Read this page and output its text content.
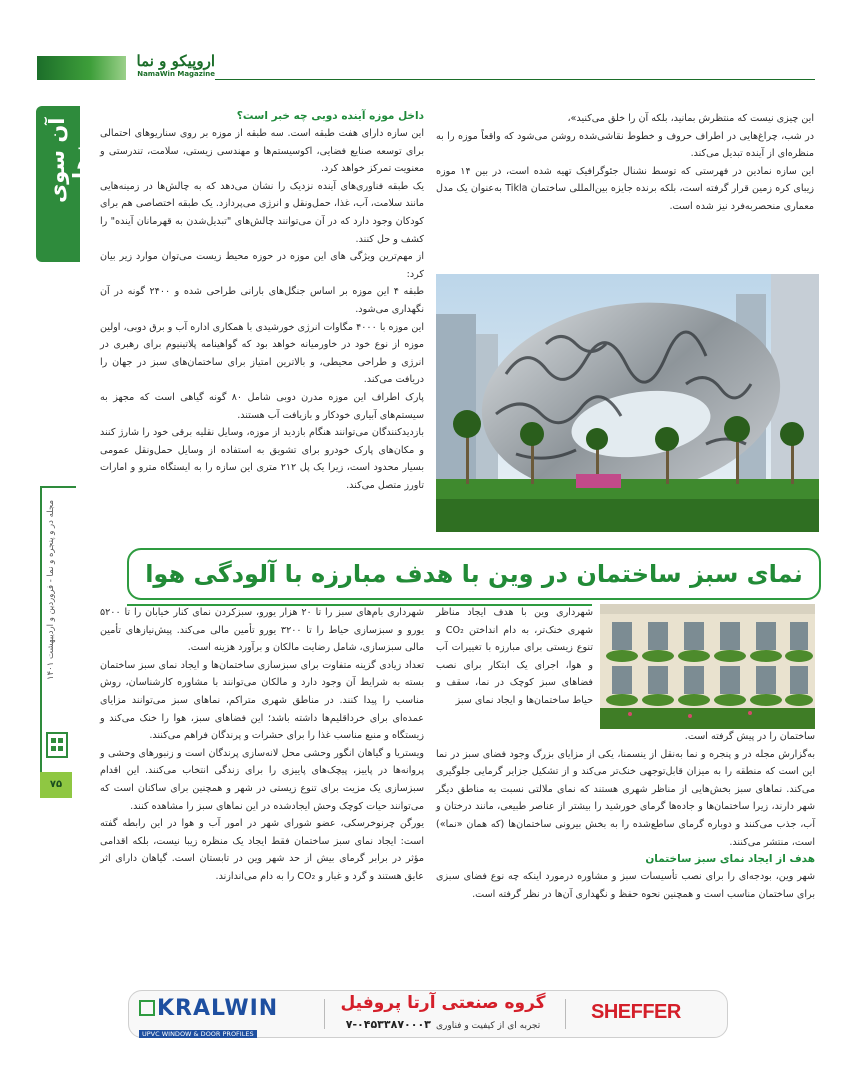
اروپیکو و نما
NamaWin Magazine
آن سوی مرزها
مجله در و پنجره و نما - فروردین و اردیبهشت ۱۴۰۱
۷۵

این چیزی نیست که منتظرش بمانید، بلکه آن را خلق می‌کنید»،

در شب، چراغ‌هایی در اطراف حروف و خطوط نقاشی‌شده روشن می‌شود که واقعاً موزه را به منظره‌ای از آینده تبدیل می‌کند.

این سازه نمادین در فهرستی که توسط نشنال جئوگرافیک تهیه شده است، در بین ۱۴ موزه زیبای کره زمین قرار گرفته است، بلکه برنده جایزه بین‌المللی ساختمان Tikla به‌عنوان یک مدل معماری منحصربه‌فرد نیز شده است.

داخل موزه آینده دوبی چه خبر است؟

این سازه دارای هفت طبقه است. سه طبقه از موزه بر روی سناریوهای احتمالی برای توسعه صنایع فضایی، اکوسیستم‌ها و مهندسی زیستی، سلامت، تندرستی و معنویت تمرکز خواهد کرد.

یک طبقه فناوری‌های آینده نزدیک را نشان می‌دهد که به چالش‌ها در زمینه‌هایی مانند سلامت، آب، غذا، حمل‌ونقل و انرژی می‌پردازد. یک طبقه اختصاصی هم برای کودکان وجود دارد که در آن می‌توانند چالش‌های "تبدیل‌شدن به قهرمانان آینده" را کشف و حل کنند.

از مهم‌ترین ویژگی های این موزه در حوزه محیط زیست می‌توان موارد زیر بیان کرد:

طبقه ۴ این موزه بر اساس جنگل‌های بارانی طراحی شده و ۲۴۰۰ گونه در آن نگهداری می‌شود.

این موزه با ۴۰۰۰ مگاوات انرژی خورشیدی با همکاری اداره آب و برق دوبی، اولین موزه از نوع خود در خاورمیانه خواهد بود که گواهینامه پلاتینیوم برای رهبری در انرژی و طراحی محیطی، و بالاترین امتیاز برای ساختمان‌های سبز در جهان را دریافت می‌کند.

پارک اطراف این موزه مدرن دوبی شامل ۸۰ گونه گیاهی است که مجهز به سیستم‌های آبیاری خودکار و بازیافت آب هستند.

بازدیدکنندگان می‌توانند هنگام بازدید از موزه، وسایل نقلیه برقی خود را شارژ کنند و مکان‌های پارک خودرو برای تشویق به استفاده از وسایل حمل‌ونقل عمومی بسیار محدود است، زیرا یک پل ۲۱۲ متری این سازه را به ایستگاه مترو و امارات تاورز متصل می‌کند.

نمای سبز ساختمان در وین با هدف مبارزه با آلودگی هوا

شهرداری وین با هدف ایجاد مناظر شهری خنک‌تر، به دام انداختن CO₂ و تنوع زیستی برای مبارزه با تغییرات آب و هوا، اجرای یک ابتکار برای نصب فضاهای سبز کوچک در نما، سقف و حیاط ساختمان‌ها و ایجاد نمای سبز

ساختمان را در پیش گرفته است.

به‌گزارش مجله در و پنجره و نما به‌نقل از ینسمنا، یکی از مزایای بزرگ وجود فضای سبز در نما این است که منطقه را به میزان قابل‌توجهی خنک‌تر می‌کند و از تشکیل جزایر گرمایی جلوگیری می‌کند. نماهای سبز بخش‌هایی از مناظر شهری هستند که نمای ملالتی نسبت به مناطق دیگر شهر دارند، زیرا ساختمان‌ها و جاده‌ها گرمای خورشید را بیشتر از عناصر طبیعی، مانند درختان و آب، جذب می‌کنند و دوباره گرمای ساطع‌شده را به بخش بیرونی ساختمان‌ها (که همان «نما») است، منتشر می‌کنند.

هدف از ایجاد نمای سبز ساختمان

شهر وین، بودجه‌ای را برای نصب تأسیسات سبز و مشاوره درمورد اینکه چه نوع فضای سبزی برای ساختمان مناسب است و همچنین نحوه حفظ و نگهداری آن‌ها در نظر گرفته است.

شهرداری بام‌های سبز را تا ۲۰ هزار یورو، سبزکردن نمای کنار خیابان را تا ۵۲۰۰ یورو و سبزسازی حیاط را تا ۳۲۰۰ یورو تأمین مالی می‌کند. پیش‌نیازهای تأمین مالی سبزسازی، شامل رضایت مالکان و برآورد هزینه است.

تعداد زیادی گزینه متفاوت برای سبزسازی ساختمان‌ها و ایجاد نمای سبز ساختمان بسته به شرایط آن وجود دارد و مالکان می‌توانند با مشاوره کارشناسان، روش مناسب را پیدا کنند. در مناطق شهری متراکم، نماهای سبز می‌توانند مزایای عمده‌ای برای خرداقلیم‌ها داشته باشد؛ این فضاهای سبز، هوا را خنک می‌کند و زیستگاه و منبع مناسب غذا را برای حشرات و پرندگان فراهم می‌کنند.

ویستریا و گیاهان انگور وحشی محل لانه‌سازی پرندگان است و زنبورهای وحشی و پروانه‌ها در پاییز، پیچک‌های پاییزی را برای زندگی انتخاب می‌کنند. این اقدام سبزسازی یک مزیت برای تنوع زیستی در شهر و همچنین برای ساکنان است که می‌توانند حیات کوچک وحش ایجادشده در این نماهای سبز را مشاهده کنند.

یورگن چرنوخرسکی، عضو شورای شهر در امور آب و هوا در این رابطه گفته است: ایجاد نمای سبز ساختمان فقط ایجاد یک منظره زیبا نیست، بلکه اقدامی مؤثر در برابر گرمای بیش از حد شهر وین در تابستان است. گیاهان دارای اثر عایق هستند و گرد و غبار و CO₂ را به دام می‌اندازند.

KRALWIN
UPVC WINDOW & DOOR PROFILES
گروه صنعتی آرتا پروفیل
تجربه ای از کیفیت و فناوری ۰۴۵۳۳۸۷۰۰۰۳-۷
SHEFFER
